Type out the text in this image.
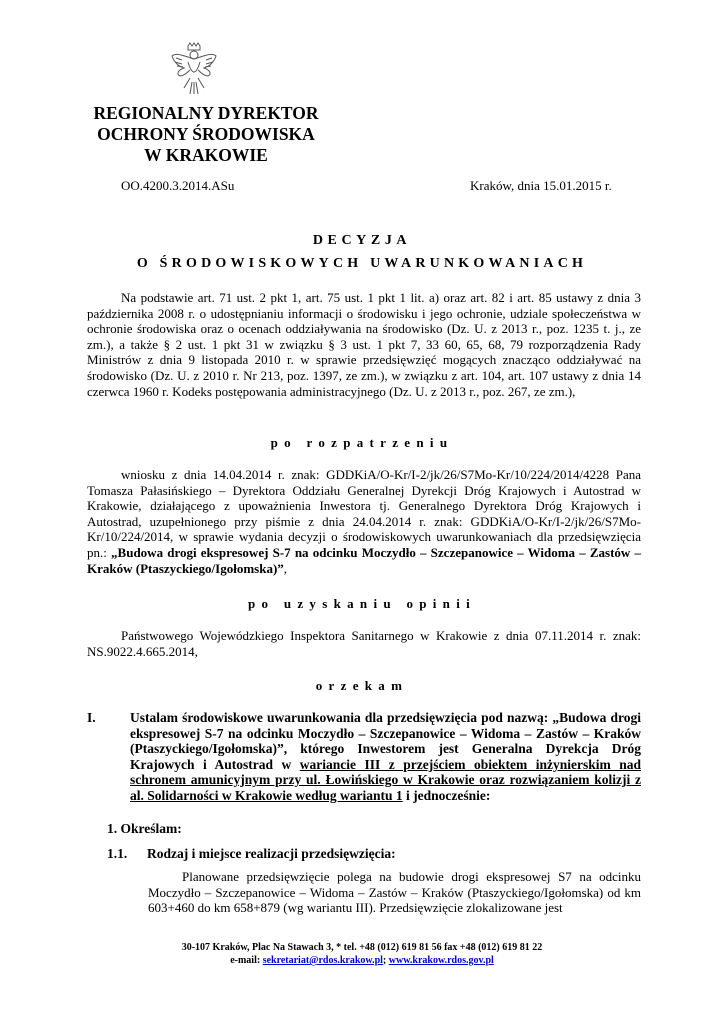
REGIONALNY DYREKTOR
OCHRONY ŚRODOWISKA
W KRAKOWIE
OO.4200.3.2014.ASu	Kraków, dnia 15.01.2015 r.
DECYZJA
O ŚRODOWISKOWYCH UWARUNKOWANIACH
Na podstawie art. 71 ust. 2 pkt 1, art. 75 ust. 1 pkt 1 lit. a) oraz art. 82 i art. 85 ustawy z dnia 3 października 2008 r. o udostępnianiu informacji o środowisku i jego ochronie, udziale społeczeństwa w ochronie środowiska oraz o ocenach oddziaływania na środowisko (Dz. U. z 2013 r., poz. 1235 t. j., ze zm.), a także § 2 ust. 1 pkt 31 w związku § 3 ust. 1 pkt 7, 33 60, 65, 68, 79 rozporządzenia Rady Ministrów z dnia 9 listopada 2010 r. w sprawie przedsięwzięć mogących znacząco oddziaływać na środowisko (Dz. U. z 2010 r. Nr 213, poz. 1397, ze zm.), w związku z art. 104, art. 107 ustawy z dnia 14 czerwca 1960 r. Kodeks postępowania administracyjnego (Dz. U. z 2013 r., poz. 267, ze zm.),
po rozpatrzeniu
wniosku z dnia 14.04.2014 r. znak: GDDKiA/O-Kr/I-2/jk/26/S7Mo-Kr/10/224/2014/4228 Pana Tomasza Pałasińskiego – Dyrektora Oddziału Generalnej Dyrekcji Dróg Krajowych i Autostrad w Krakowie, działającego z upoważnienia Inwestora tj. Generalnego Dyrektora Dróg Krajowych i Autostrad, uzupełnionego przy piśmie z dnia 24.04.2014 r. znak: GDDKiA/O-Kr/I-2/jk/26/S7Mo-Kr/10/224/2014, w sprawie wydania decyzji o środowiskowych uwarunkowaniach dla przedsięwzięcia pn.: „Budowa drogi ekspresowej S-7 na odcinku Moczydło – Szczepanowice – Widoma – Zastów – Kraków (Ptaszyckiego/Igołomska)”,
po uzyskaniu opinii
Państwowego Wojewódzkiego Inspektora Sanitarnego w Krakowie z dnia 07.11.2014 r. znak: NS.9022.4.665.2014,
orzekam
I.	Ustalam środowiskowe uwarunkowania dla przedsięwzięcia pod nazwą: „Budowa drogi ekspresowej S-7 na odcinku Moczydło – Szczepanowice – Widoma – Zastów – Kraków (Ptaszyckiego/Igołomska)”, którego Inwestorem jest Generalna Dyrekcja Dróg Krajowych i Autostrad w wariancie III z przejściem obiektem inżynierskim nad schronem amunicyjnym przy ul. Łowińskiego w Krakowie oraz rozwiązaniem kolizji z al. Solidarności w Krakowie według wariantu 1 i jednocześnie:
1. Określam:
1.1. Rodzaj i miejsce realizacji przedsięwzięcia:
Planowane przedsięwzięcie polega na budowie drogi ekspresowej S7 na odcinku Moczydło – Szczepanowice – Widoma – Zastów – Kraków (Ptaszyckiego/Igołomska) od km 603+460 do km 658+879 (wg wariantu III). Przedsięwzięcie zlokalizowane jest
30-107 Kraków, Plac Na Stawach 3, * tel. +48 (012) 619 81 56 fax +48 (012) 619 81 22
e-mail: sekretariat@rdos.krakow.pl; www.krakow.rdos.gov.pl
